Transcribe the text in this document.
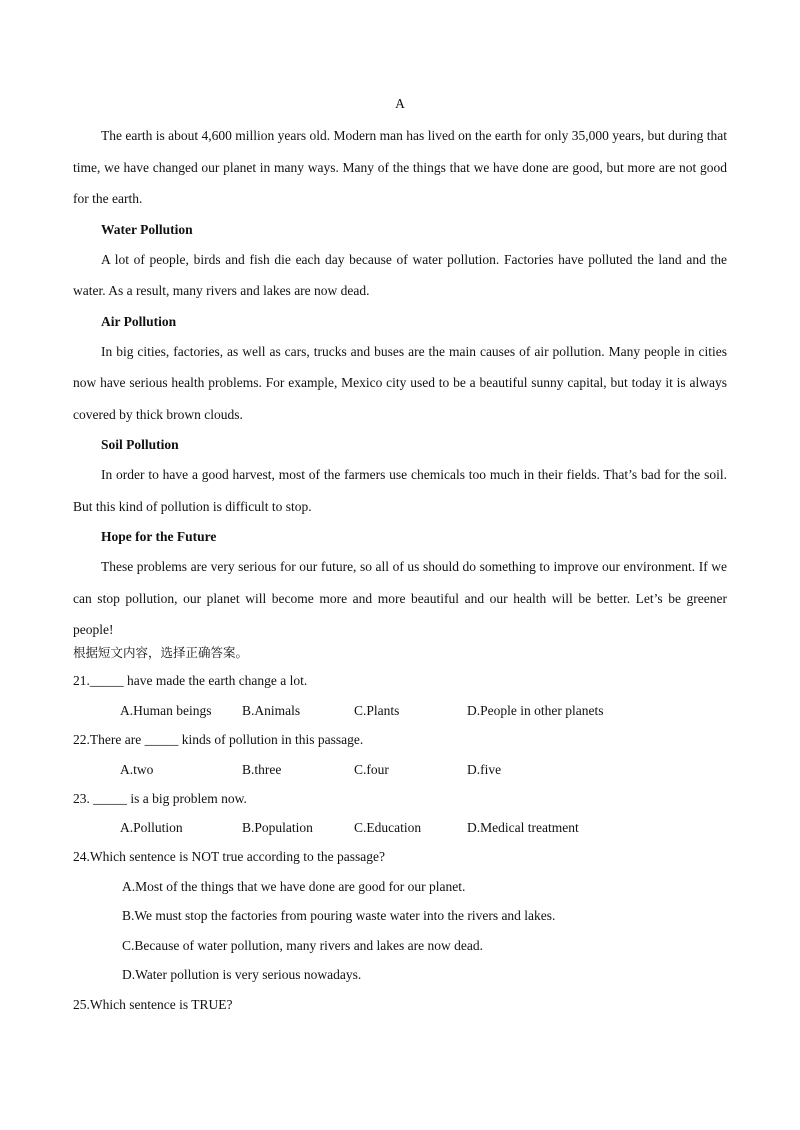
A

The earth is about 4,600 million years old. Modern man has lived on the earth for only 35,000 years, but during that time, we have changed our planet in many ways. Many of the things that we have done are good, but more are not good for the earth.

Water Pollution

A lot of people, birds and fish die each day because of water pollution. Factories have polluted the land and the water. As a result, many rivers and lakes are now dead.

Air Pollution

In big cities, factories, as well as cars, trucks and buses are the main causes of air pollution. Many people in cities now have serious health problems. For example, Mexico city used to be a beautiful sunny capital, but today it is always covered by thick brown clouds.

Soil Pollution

In order to have a good harvest, most of the farmers use chemicals too much in their fields. That’s bad for the soil. But this kind of pollution is difficult to stop.

Hope for the Future

These problems are very serious for our future, so all of us should do something to improve our environment. If we can stop pollution, our planet will become more and more beautiful and our health will be better. Let’s be greener people!

根据短文内容，选择正确答案。
21._____ have made the earth change a lot.
A.Human beings B.Animals	C.Plants	D.People in other planets
22.There are _____ kinds of pollution in this passage.
A.two	B.three	C.four	D.five
23. _____ is a big problem now.
A.Pollution	B.Population	C.Education	D.Medical treatment
24.Which sentence is NOT true according to the passage?
A.Most of the things that we have done are good for our planet.
B.We must stop the factories from pouring waste water into the rivers and lakes.
C.Because of water pollution, many rivers and lakes are now dead.
D.Water pollution is very serious nowadays.
25.Which sentence is TRUE?
